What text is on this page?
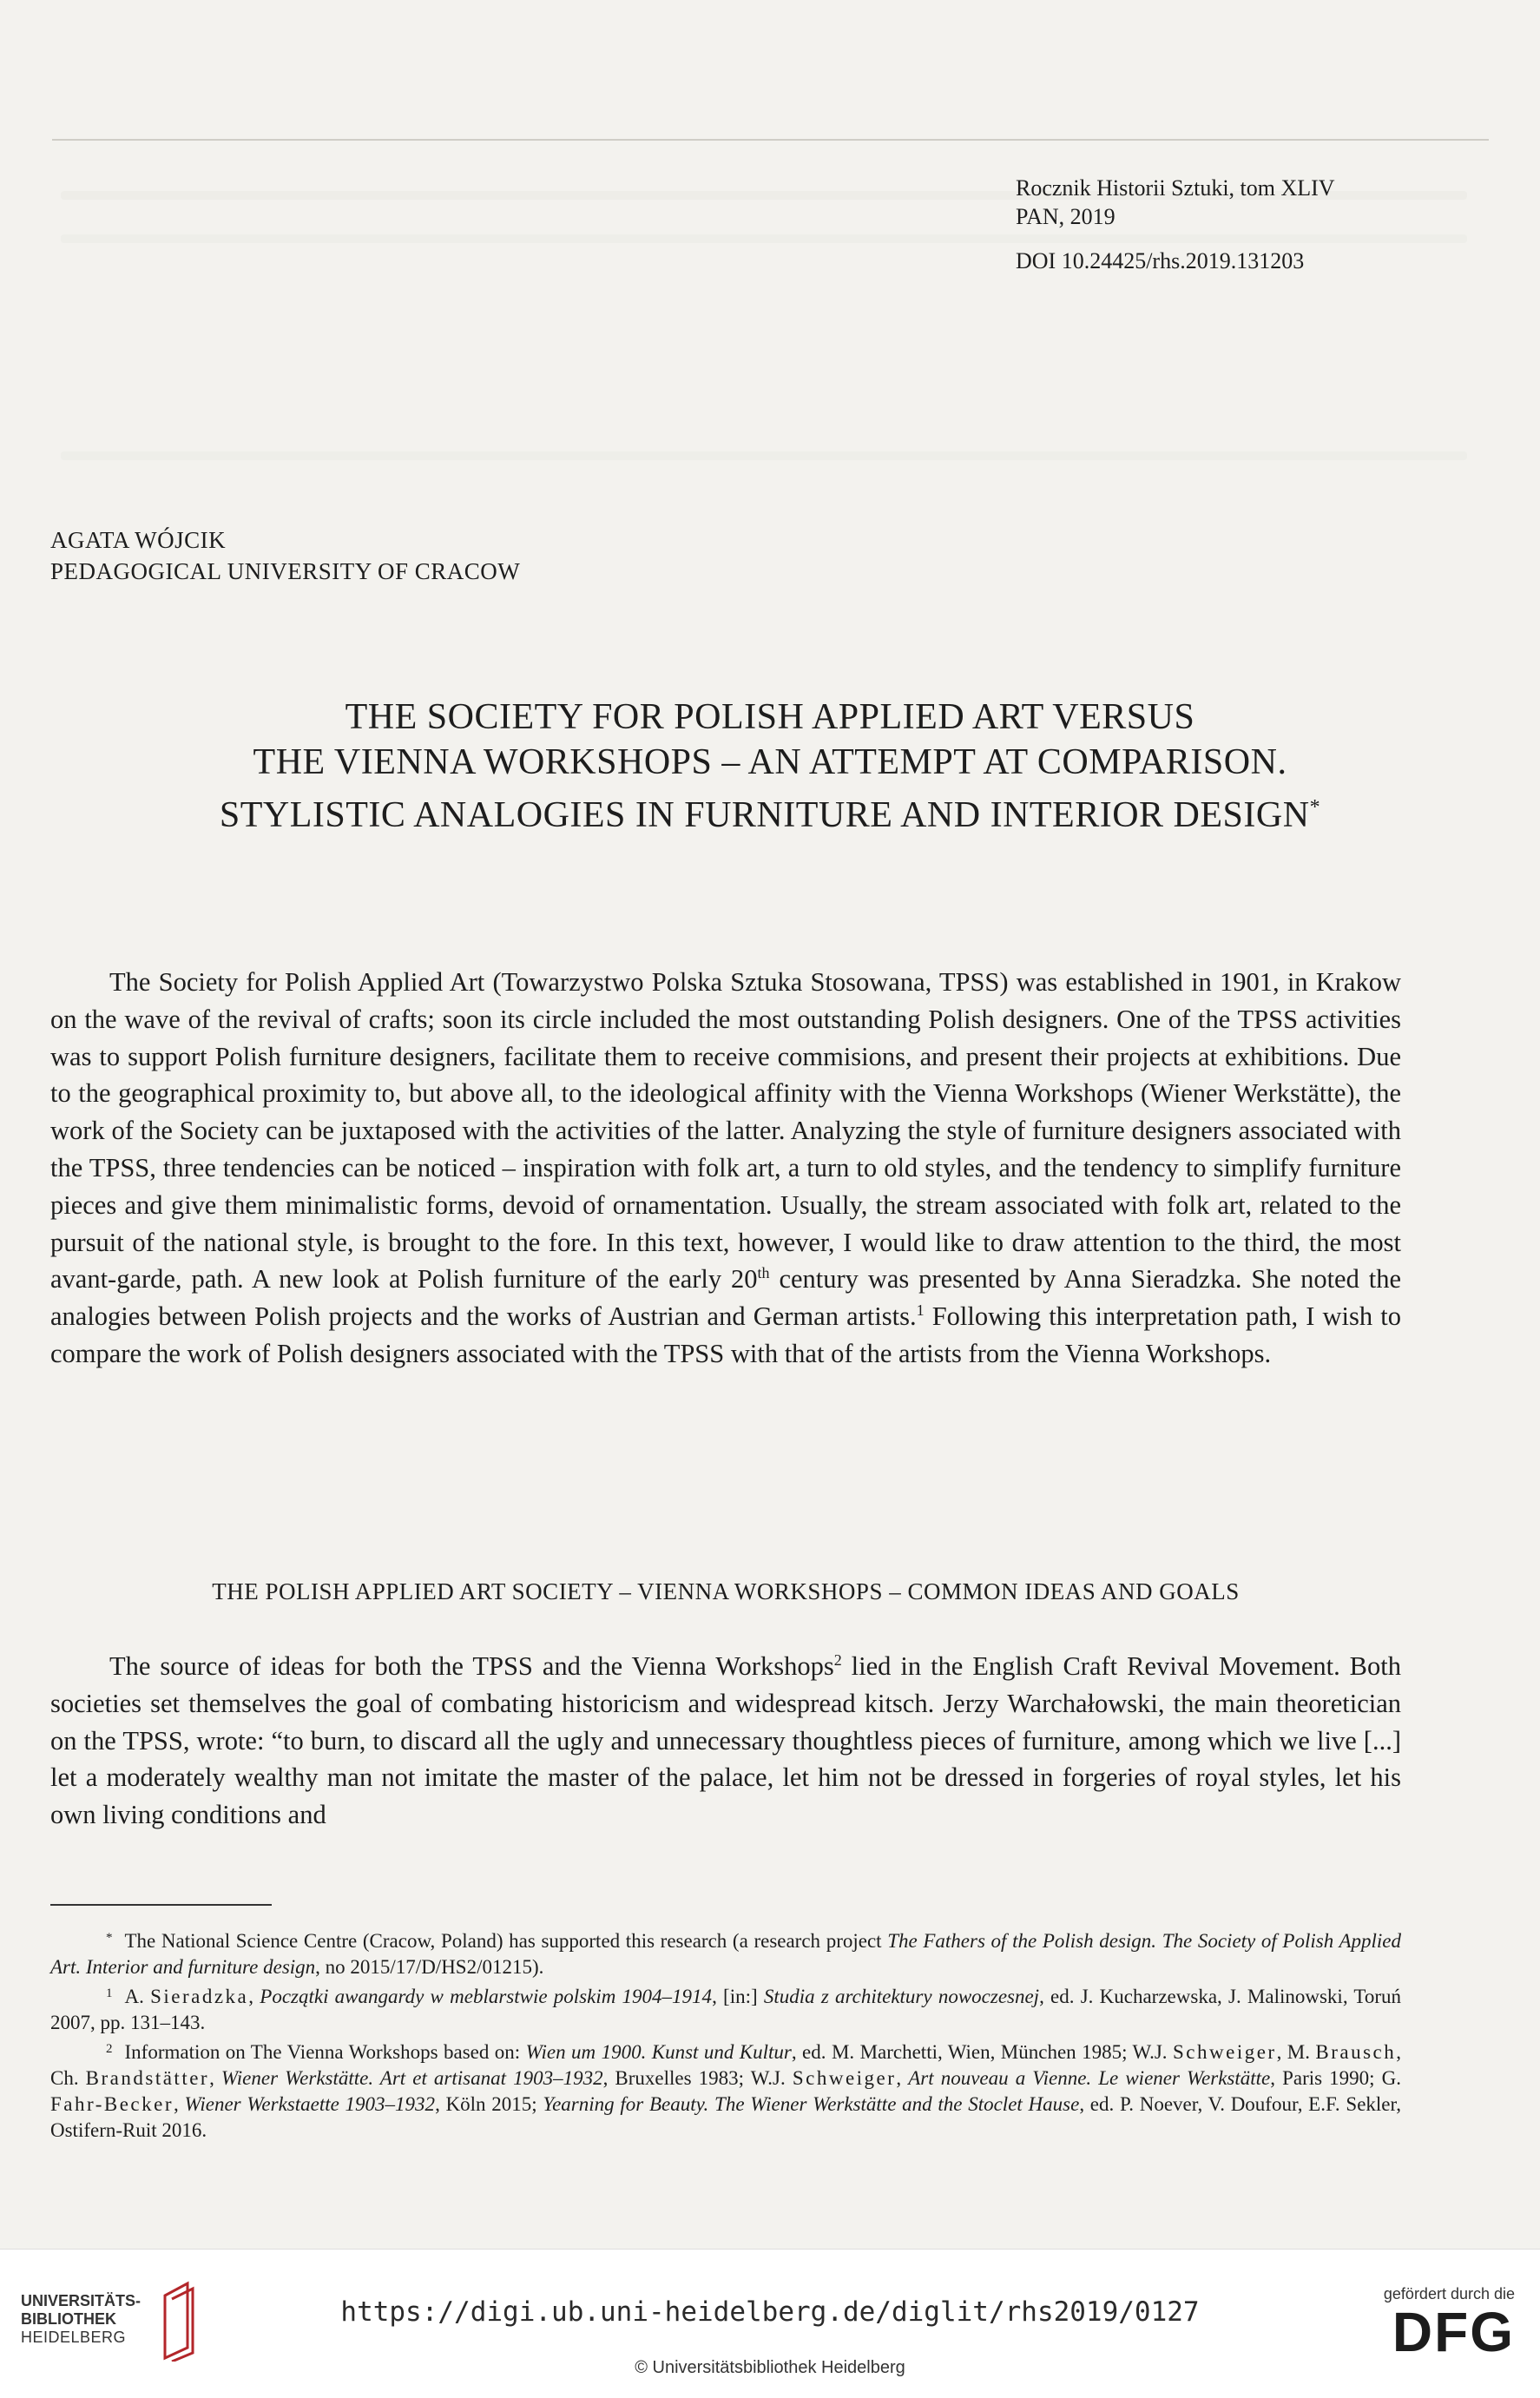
Rocznik Historii Sztuki, tom XLIV
PAN, 2019
DOI 10.24425/rhs.2019.131203
AGATA WÓJCIK
PEDAGOGICAL UNIVERSITY OF CRACOW
THE SOCIETY FOR POLISH APPLIED ART VERSUS
THE VIENNA WORKSHOPS – AN ATTEMPT AT COMPARISON.
STYLISTIC ANALOGIES IN FURNITURE AND INTERIOR DESIGN*

The Society for Polish Applied Art (Towarzystwo Polska Sztuka Stosowana, TPSS) was established in 1901, in Krakow on the wave of the revival of crafts; soon its circle included the most outstanding Polish designers. One of the TPSS activities was to support Polish furniture designers, facilitate them to receive commisions, and present their projects at exhibitions. Due to the geographical proximity to, but above all, to the ideological affinity with the Vienna Workshops (Wiener Werkstätte), the work of the Society can be juxtaposed with the activities of the latter. Analyzing the style of furniture designers associated with the TPSS, three tendencies can be noticed – inspiration with folk art, a turn to old styles, and the tendency to simplify furniture pieces and give them minimalistic forms, devoid of ornamentation. Usually, the stream associated with folk art, related to the pursuit of the national style, is brought to the fore. In this text, however, I would like to draw attention to the third, the most avant-garde, path. A new look at Polish furniture of the early 20th century was presented by Anna Sieradzka. She noted the analogies between Polish projects and the works of Austrian and German artists.$^1$ Following this interpretation path, I wish to compare the work of Polish designers associated with the TPSS with that of the artists from the Vienna Workshops.

THE POLISH APPLIED ART SOCIETY – VIENNA WORKSHOPS – COMMON IDEAS AND GOALS

The source of ideas for both the TPSS and the Vienna Workshops$^2$ lied in the English Craft Revival Movement. Both societies set themselves the goal of combating historicism and widespread kitsch. Jerzy Warchałowski, the main theoretician on the TPSS, wrote: “to burn, to discard all the ugly and unnecessary thoughtless pieces of furniture, among which we live [...] let a moderately wealthy man not imitate the master of the palace, let him not be dressed in forgeries of royal styles, let his own living conditions and

* The National Science Centre (Cracow, Poland) has supported this research (a research project The Fathers of the Polish design. The Society of Polish Applied Art. Interior and furniture design, no 2015/17/D/HS2/01215).

$^1$ A. Sieradzka, Początki awangardy w meblarstwie polskim 1904–1914, [in:] Studia z architektury nowoczesnej, ed. J. Kucharzewska, J. Malinowski, Toruń 2007, pp. 131–143.

$^2$ Information on The Vienna Workshops based on: Wien um 1900. Kunst und Kultur, ed. M. Marchetti, Wien, München 1985; W.J. Schweiger, M. Brausch, Ch. Brandstätter, Wiener Werkstätte. Art et artisanat 1903–1932, Bruxelles 1983; W.J. Schweiger, Art nouveau a Vienne. Le wiener Werkstätte, Paris 1990; G. Fahr-Becker, Wiener Werkstaette 1903–1932, Köln 2015; Yearning for Beauty. The Wiener Werkstätte and the Stoclet Hause, ed. P. Noever, V. Doufour, E.F. Sekler, Ostifern-Ruit 2016.

UNIVERSITÄTS-
BIBLIOTHEK
HEIDELBERG
https://digi.ub.uni-heidelberg.de/diglit/rhs2019/0127
© Universitätsbibliothek Heidelberg
gefördert durch die
DFG
